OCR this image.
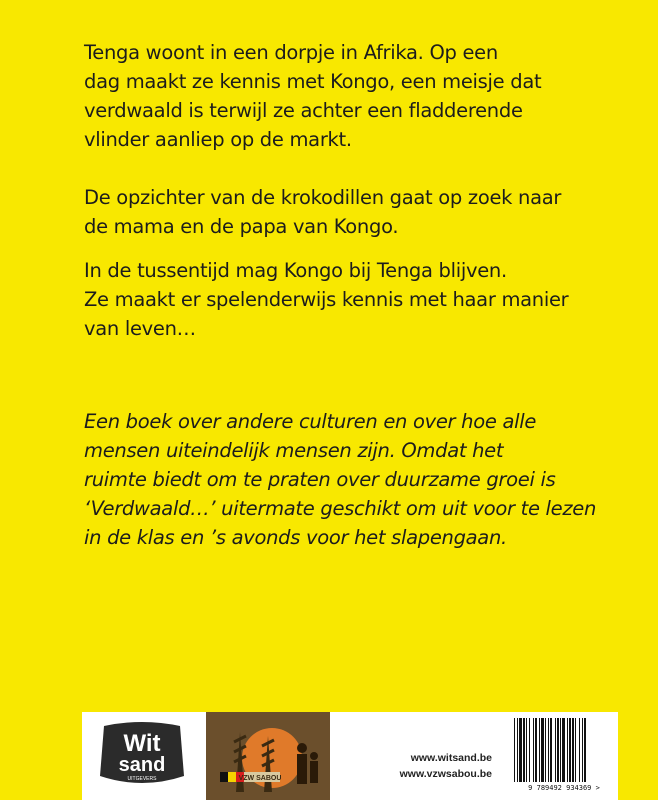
Tenga woont in een dorpje in Afrika. Op een
dag maakt ze kennis met Kongo, een meisje dat
verdwaald is terwijl ze achter een fladderende
vlinder aanliep op de markt.

De opzichter van de krokodillen gaat op zoek naar
de mama en de papa van Kongo.

In de tussentijd mag Kongo bij Tenga blijven.
Ze maakt er spelenderwijs kennis met haar manier
van leven…

Een boek over andere culturen en over hoe alle
mensen uiteindelijk mensen zijn. Omdat het
ruimte biedt om te praten over duurzame groei is
‘Verdwaald…’ uitermate geschikt om uit voor te lezen
in de klas en ’s avonds voor het slapengaan.

Wit
sand
UITGEVERS	VZW SABOU
www.witsand.be
www.vzwsabou.be
9 789492 934369 >
